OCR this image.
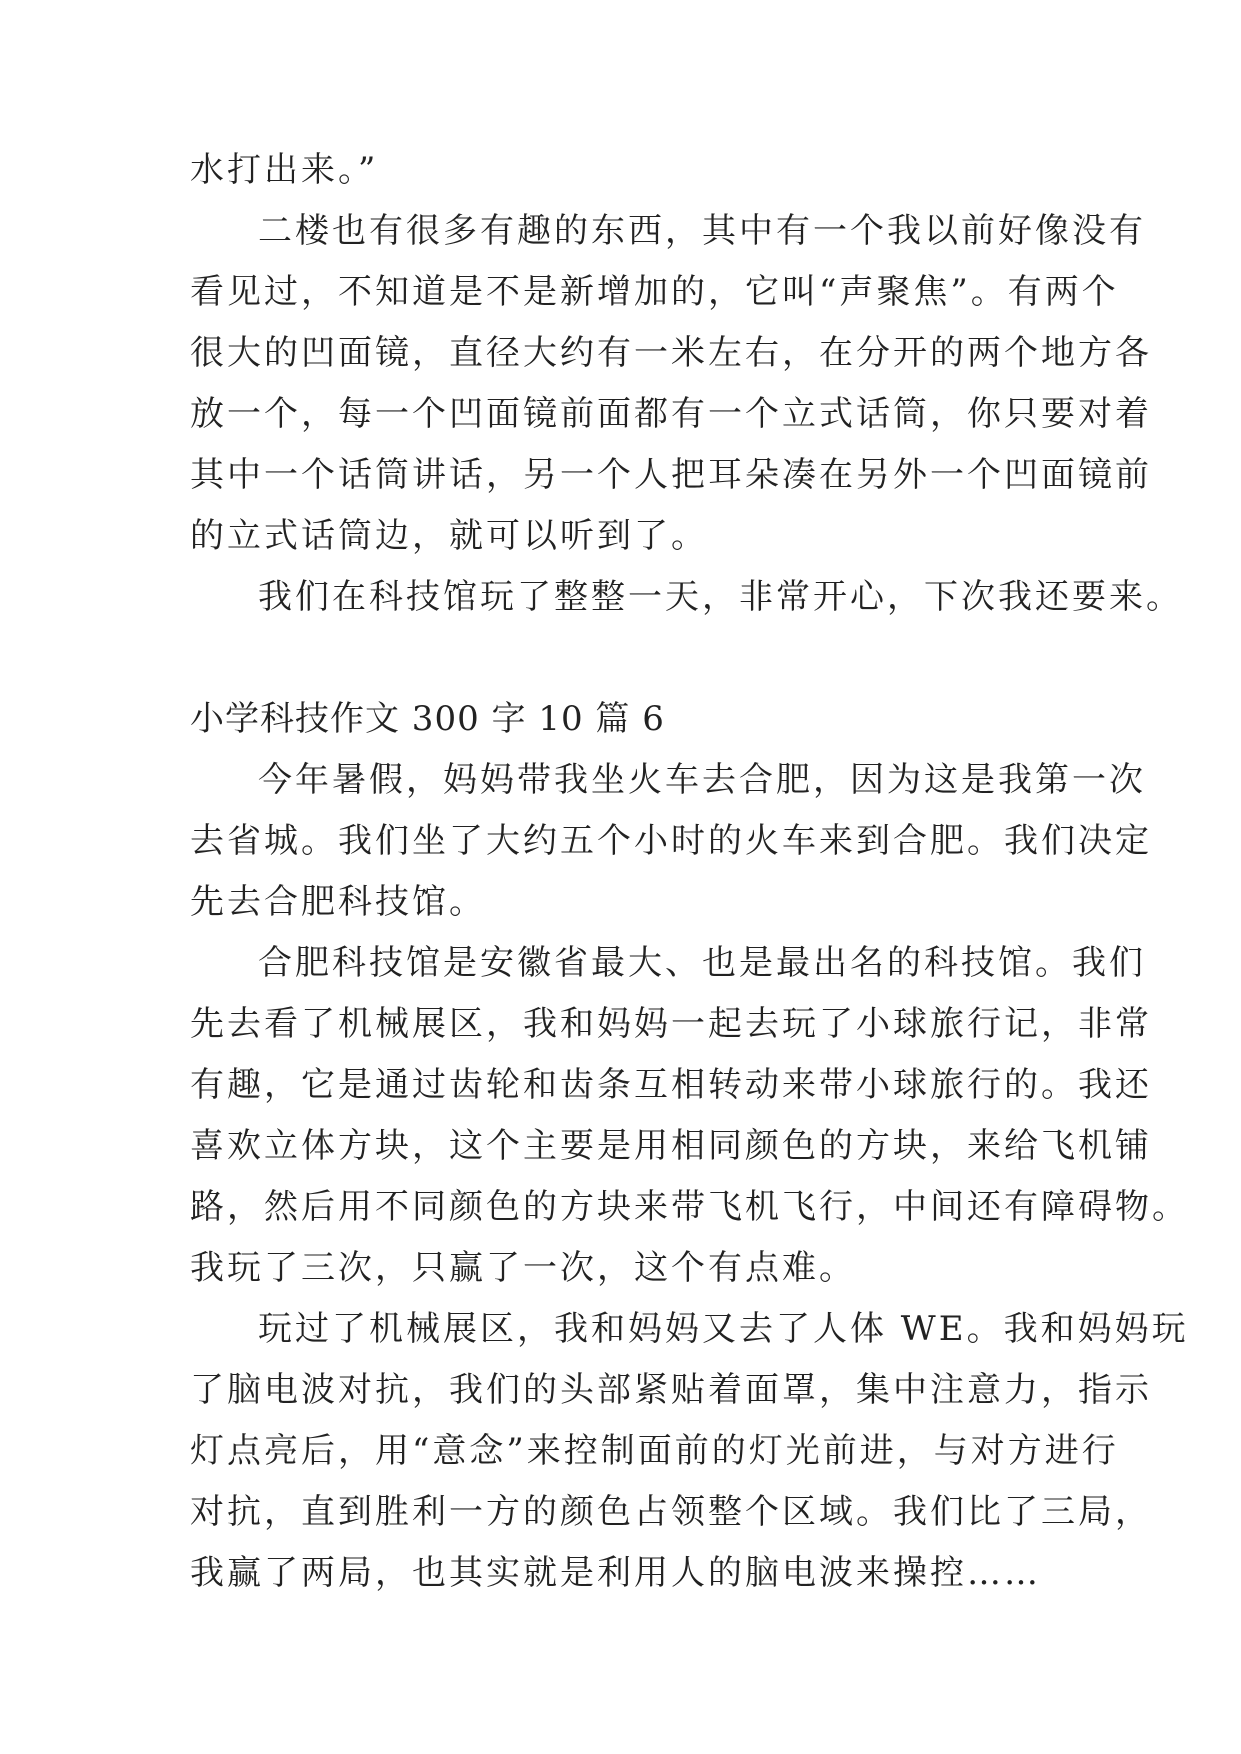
水打出来。”
二楼也有很多有趣的东西，其中有一个我以前好像没有
看见过，不知道是不是新增加的，它叫“声聚焦”。有两个
很大的凹面镜，直径大约有一米左右，在分开的两个地方各
放一个，每一个凹面镜前面都有一个立式话筒，你只要对着
其中一个话筒讲话，另一个人把耳朵凑在另外一个凹面镜前
的立式话筒边，就可以听到了。
我们在科技馆玩了整整一天，非常开心，下次我还要来。
小学科技作文 300 字 10 篇 6
今年暑假，妈妈带我坐火车去合肥，因为这是我第一次
去省城。我们坐了大约五个小时的火车来到合肥。我们决定
先去合肥科技馆。
合肥科技馆是安徽省最大、也是最出名的科技馆。我们
先去看了机械展区，我和妈妈一起去玩了小球旅行记，非常
有趣，它是通过齿轮和齿条互相转动来带小球旅行的。我还
喜欢立体方块，这个主要是用相同颜色的方块，来给飞机铺
路，然后用不同颜色的方块来带飞机飞行，中间还有障碍物。
我玩了三次，只赢了一次，这个有点难。
玩过了机械展区，我和妈妈又去了人体 WE。我和妈妈玩
了脑电波对抗，我们的头部紧贴着面罩，集中注意力，指示
灯点亮后，用“意念”来控制面前的灯光前进，与对方进行
对抗，直到胜利一方的颜色占领整个区域。我们比了三局，
我赢了两局，也其实就是利用人的脑电波来操控……
